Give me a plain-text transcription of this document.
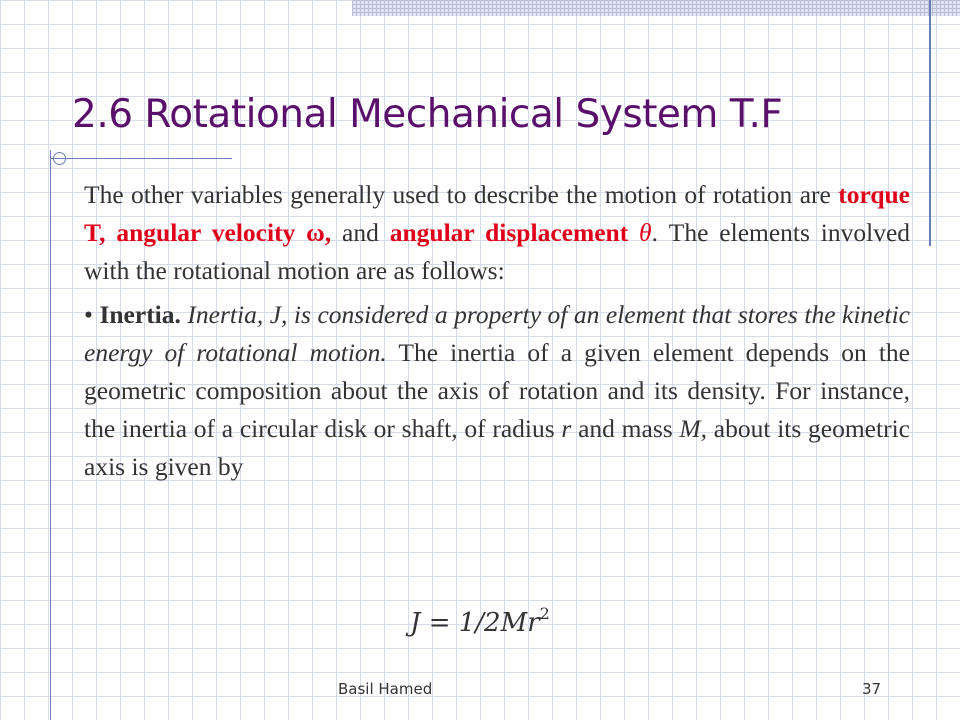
2.6 Rotational Mechanical System T.F

The other variables generally used to describe the motion of rotation are torque T, angular velocity ω, and angular displacement θ. The elements involved with the rotational motion are as follows:

• Inertia. Inertia, J, is considered a property of an element that stores the kinetic energy of rotational motion. The inertia of a given element depends on the geometric composition about the axis of rotation and its density. For instance, the inertia of a circular disk or shaft, of radius r and mass M, about its geometric axis is given by

$J = 1/2Mr^2$
Basil Hamed	37
